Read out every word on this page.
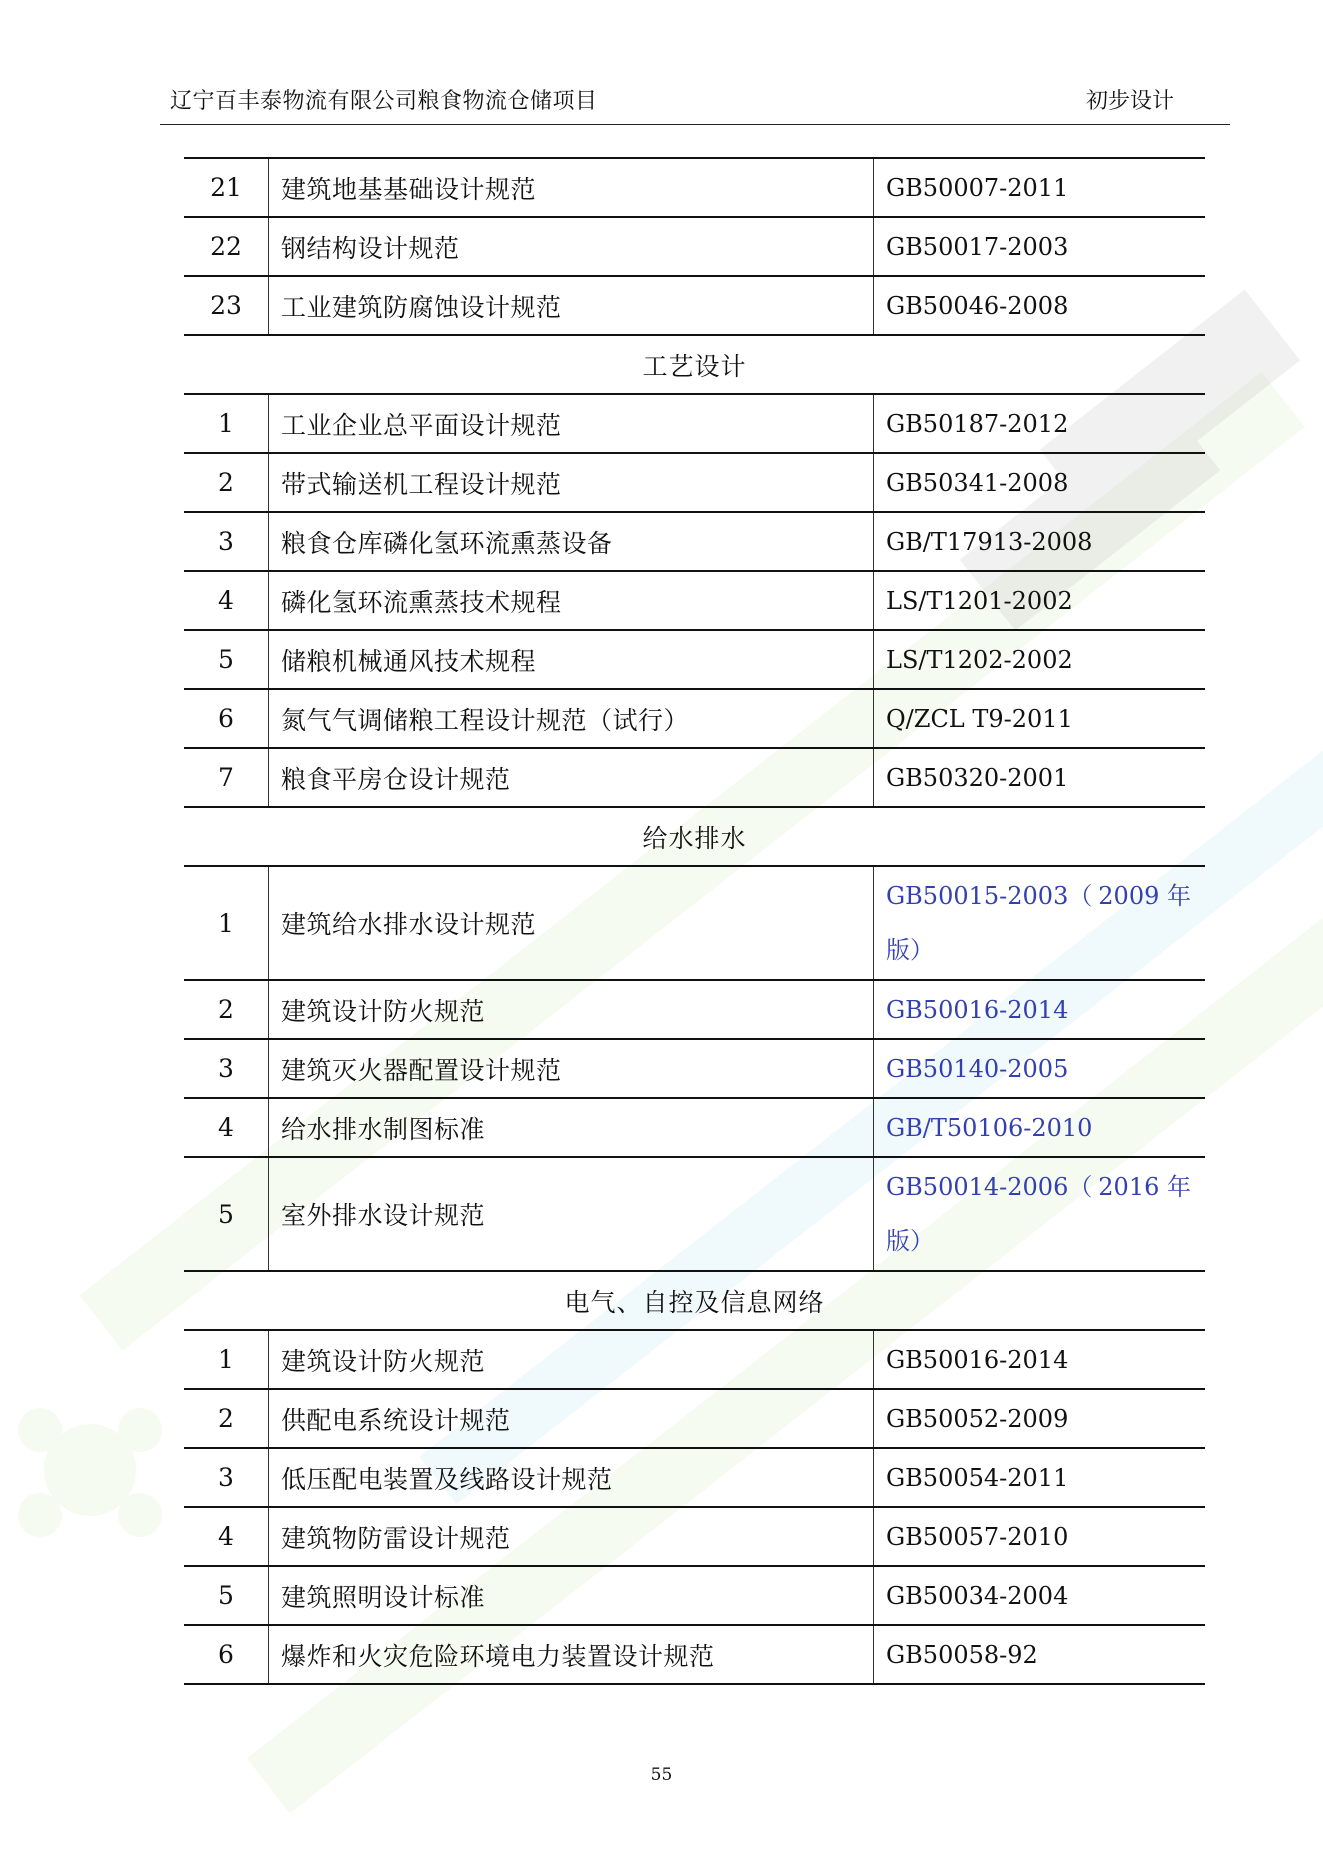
辽宁百丰泰物流有限公司粮食物流仓储项目	初步设计
21	建筑地基基础设计规范	GB50007-2011
22	钢结构设计规范	GB50017-2003
23	工业建筑防腐蚀设计规范	GB50046-2008
工艺设计		
1	工业企业总平面设计规范	GB50187-2012
2	带式输送机工程设计规范	GB50341-2008
3	粮食仓库磷化氢环流熏蒸设备	GB/T17913-2008
4	磷化氢环流熏蒸技术规程	LS/T1201-2002
5	储粮机械通风技术规程	LS/T1202-2002
6	氮气气调储粮工程设计规范（试行）	Q/ZCL T9-2011
7	粮食平房仓设计规范	GB50320-2001
给水排水		
1	建筑给水排水设计规范	GB50015-2003（ 2009 年
版）

2	建筑设计防火规范	GB50016-2014
3	建筑灭火器配置设计规范	GB50140-2005
4	给水排水制图标准	GB/T50106-2010
5	室外排水设计规范	GB50014-2006（ 2016 年
版）

电气、自控及信息网络		
1	建筑设计防火规范	GB50016-2014
2	供配电系统设计规范	GB50052-2009
3	低压配电装置及线路设计规范	GB50054-2011
4	建筑物防雷设计规范	GB50057-2010
5	建筑照明设计标准	GB50034-2004
6	爆炸和火灾危险环境电力装置设计规范	GB50058-92
55
